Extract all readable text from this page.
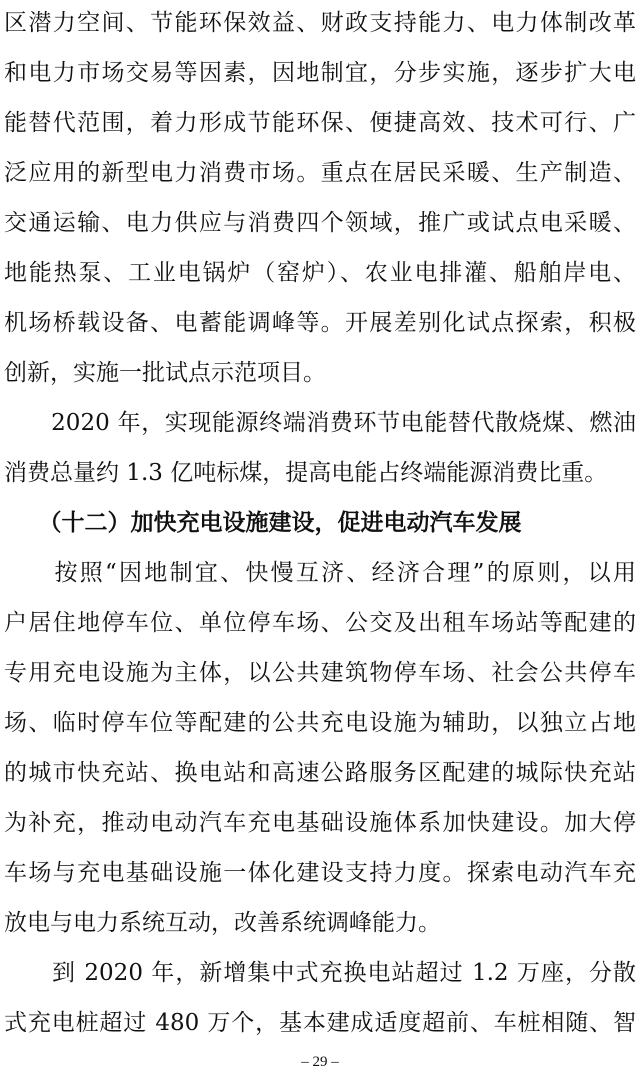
区潜力空间、节能环保效益、财政支持能力、电力体制改革
和电力市场交易等因素，因地制宜，分步实施，逐步扩大电
能替代范围，着力形成节能环保、便捷高效、技术可行、广
泛应用的新型电力消费市场。重点在居民采暖、生产制造、
交通运输、电力供应与消费四个领域，推广或试点电采暖、
地能热泵、工业电锅炉（窑炉）、农业电排灌、船舶岸电、
机场桥载设备、电蓄能调峰等。开展差别化试点探索，积极
创新，实施一批试点示范项目。
　　2020 年，实现能源终端消费环节电能替代散烧煤、燃油
消费总量约 1.3 亿吨标煤，提高电能占终端能源消费比重。
　　（十二）加快充电设施建设，促进电动汽车发展
　　按照“因地制宜、快慢互济、经济合理”的原则，以用
户居住地停车位、单位停车场、公交及出租车场站等配建的
专用充电设施为主体，以公共建筑物停车场、社会公共停车
场、临时停车位等配建的公共充电设施为辅助，以独立占地
的城市快充站、换电站和高速公路服务区配建的城际快充站
为补充，推动电动汽车充电基础设施体系加快建设。加大停
车场与充电基础设施一体化建设支持力度。探索电动汽车充
放电与电力系统互动，改善系统调峰能力。
　　到 2020 年，新增集中式充换电站超过 1.2 万座，分散
式充电桩超过 480 万个，基本建成适度超前、车桩相随、智
– 29 –
